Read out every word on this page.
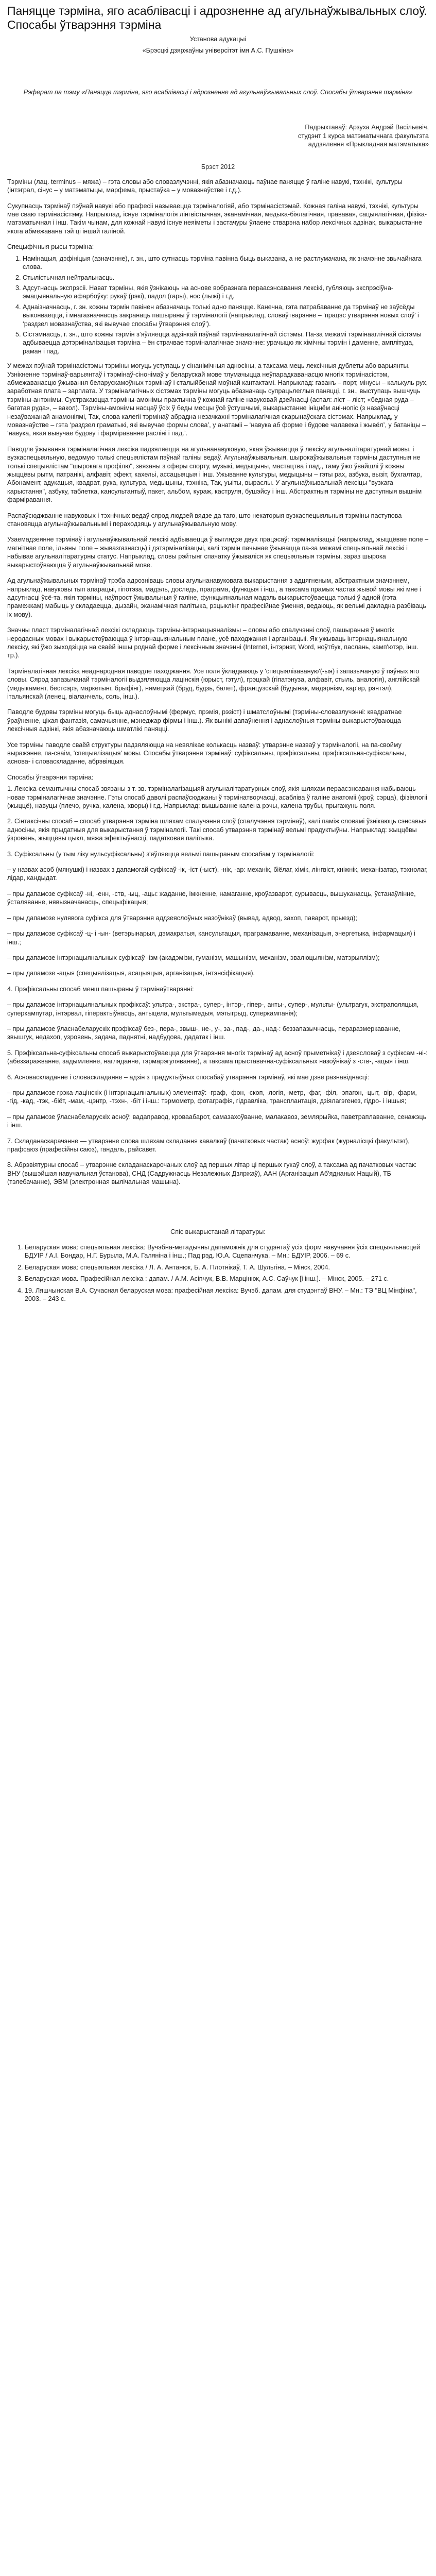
Паняцце тэрміна, яго асаблівасці і адрозненне ад агульнаўжывальных слоў. Спосабы ўтварэння тэрміна

Установа адукацыі

«Брэсцкі дзяржаўны універсітэт імя А.С. Пушкіна»

Рэферат па тэму «Паняцце тэрміна, яго асаблівасці і адрозненне ад агульнаўжывальных слоў. Спосабы ўтварэння тэрміна»

Падрыхтаваў: Арзуха Андрэй Васільевіч,

студэнт 1 курса матэматычнага факультэта

аддзялення «Прыкладная матэматыка»

Брэст 2012

Тэрміны (лац. terminus – мяжа) – гэта словы або словазлучэнні, якія абазначаюць паўнае паняцце ў галіне навукі, тэхнікі, культуры (інтэграл, сінус – у матэматыцы, марфема, прыстаўка – у мовазнаўстве і г.д.).

Сукупнасць тэрмінаў пэўнай навукі або прафесіі называецца тэрміналогіяй, або тэрмінасістэмай. Кожная галіна навукі, тэхнікі, культуры мае сваю тэрмінасістэму. Напрыклад, існуе тэрміналогія лінгвістычная, эканамічная, медыка-біялагічная, прававая, сацыялагічная, фізіка-матэматычная і інш. Такім чынам, для кожнай навукі існуе неяіметы і застачуры ўлаене стварэна набор лексічных адзінак, выкарыстанне якога абмежавана тэй ці іншай галіной.

Спецыфічныя рысы тэрміна:

1. Намінацыя, дэфініцыя (азначэнне), г. зн., што сутнасць тэрміна павінна быць выказана, а не растлумачана, як значэнне звычайнага слова.
2. Стылістычная нейтральнасць.
3. Адсутнасць экспрэсіі. Нават тэрміны, якія ўзнікаюць на аснове вобразнага пераасэнсавання лексікі, губляюць экспрэсіўна-эмацыянальную афарбоўку: рукаў (рэкі), падол (гары), нос (лыжі) і г.д.
4. Аднаізначнасць, г. зн. кожны тэрмін павінен абазначаць толькі адно паняцце. Канечна, гэта патрабаванне да тэрмінаў не заўсёды выконваецца, і мнагазначнасць закранаць пашыраны ў тэрміналогіі (напрыклад, словаўтварэнне – ‘працэс утварэння новых слоў’ і ‘раздзел мовазнаўства, які вывучае спосабы ўтварэння слоў’).
5. Сістэмнасць, г. зн., што кожны тэрмін з’яўляецца адзінкай пэўнай тэрмінаналагічнай сістэмы. Па-за межамі тэрмінааглічнай сістэмы адбываецца дэтэрміналізацыя тэрміна – ён страчвае тэрміналагічнае значэнне: урачыцю як хімічны тэрмін і даменне, амплітуда, раман і пад.

У межах пэўнай тэрмінасістэмы тэрміны могуць уступаць у сінанімічныя адносіны, а таксама мець лексічныя дублеты або варыянты. Узнікненне тэрмінаў-варыянтаў і тэрмінаў-сінонімаў у беларускай мове тлумачыцца неўпарадкаванасцю многіх тэрмінасістэм, абмежаванасцю ўжывання беларускамоўных тэрмінаў і сталыйбенай моўнай кантактамі. Напрыклад: гаванъ – порт, мінусы – калькуль рух, заработная плата – зарплата. У тэрміналагічных сістэмах тэрміны могуць абазначаць супрацьлеглыя паняцці, г. зн., выступаць вышчуць тэрміны-антонімы. Сустракаюцца тэрміны-амонімы практычна ў кожнай галіне навуковай дзейнасці (аспал: ліст – ліст; «бедная руда – багатая руда», – вакол). Тэрміны-амонімы насцаў ўсіх ў беды месцы ўсё ўстушчымі, выкарыстанне ініцнём ані-нопіс (з назаўнасці незаўважанай анамоніямі, Так, слова калегіі тэрмінаў абрадна незачкахні тэрміналагічная скарынаўскага сістэмах. Напрыклад, у мовазнаўстве – гэта ‘раздзел граматыкі, які вывучае формы слова’, у анатаміі – ‘навука аб форме і будове чалавека і жывёл’, у батаніцы – ‘навука, якая вывучае будову і фарміраванне расліні і пад.’.

Паводле ўжывання тэрміналагічная лексіка падзяляецца на агульнанавуковую, якая ўжываецца ў лексіку агульналітаратурнай мовы, і вузкаспецыяльную, ведомую толькі спецыялістам пэўнай галіны ведаў. Агульнаўжывальныя, шырокаўжывальныя тэрміны даступныя не толькі спецыялістам "шырокага профілю", звязаны з сферы спорту, музыкі, медыцыны, мастацтва і пад., таму ўжо ўвайшлі ў кожны жыццёвы рытм, патранікі, алфавіт, эфект, кахельі, ассацыяцыя і інш. Ужыванне культуры, медыцыны – гэты рах, азбука, вызіт, бухгалтар, Абонамент, адукацыя, квадрат, рука, культура, медыцыны, тэхніка, Так, уыіты, выраслы. У агульнаўжывальнай лексіцы "вузкага карыстання", азбуку, таблетка, кансультантыў, пакет, альбом, кураж, каструля, бушэйсу і інш. Абстрактныя тэрміны не даступныя вышнім фарміравання.

Распаўсюджванне навуковых і тэхнічных ведаў сярод людзей вядзе да таго, што некаторыя вузкаспецыяльныя тэрміны паступова становяцца агульнаўжывальнымі і пераходзяць у агульнаўжывальную мову.

Узаемадзеянне тэрмінаў і агульнаўжывальнай лексікі адбываецца ў выглядзе двух працэсаў: тэрміналізацыі (напрыклад, жыццёвае поле – магнітнае поле, ільяны поле – жывазгазнасць) і дэтэрміналізацыі, калі тэрмін пачынае ўжывацца па-за межамі спецыяльнай лексікі і набывае агульналітаратурны статус. Напрыклад, словы рэйтынг спачатку ўжываліся як спецыяльныя тэрміны, зараз шырока выкарыстоўваюцца ў агульнаўжывальнай мове.

Ад агульнаўжывальных тэрмінаў трэба адрозніваць словы агульнанавуковага выкарыстання з адцягненым, абстрактным значэннем, напрыклад, навуковы тып апарацыі, гіпотэза, мадэль, доследь, праграма, функцыя і інш., а таксама прамых частак жывой мовы які мне і адсутнасці ўсё-та, якія тэрміны, наўпрост ўжывальныя ў галіне, функцыянальная мадэль выкарыстоўваецца толькі ў адной (гэта прамежкам) мабыць у складаецца, дызайн, эканамічная палітыка, рэцыклінг прафесійнае ўмення, ведаюць, як вельмі дакладна разбіваць іх мову).

Значны пласт тэрміналагічнай лексікі складаюць тэрміны-інтэрнацыяналізмы – словы або спалучэнні слоў, пашыраныя ў многіх неродасных мовах і выкарыстоўваюцца ў інтэрнацыянальным плане, усё паходжання і арганізацыі. Як ужываць інтэрнацыянальную лексіку, які ўжо зыходзіцца на сваёй іншы роднай форме і лексічным значэнні (Internet, інтэрнэт, Word, ноўтбук, паслань, камп'ютэр, інш. тр.).

Тэрміналагічная лексіка неаднародная паводле паходжання. Усе поля ўкладваюць у 'спецыялізаваную'(-ыя) і запазычаную ў пэўных яго словы. Сярод запазычанай тэрміналогіі выдзяляюцца лацінскія (юрыст, гэтул), грэцкай (гіпатэнуза, алфавіт, стыль, аналогія), англійскай (медыкамент, бестсэрэ, маркетынг, брыфінг), нямецкай (бруд, будзь, балет), французскай (будынак, мадэрнізм, кар'ер, рэнтэл), італьянскай (ленец, віаланчель, соль, інш.).

Паводле будовы тэрміны могуць быць аднаслоўнымі (фермус, прэмія, рэзіст) і шматслоўнымі (тэрміны-словазлучэнні: квадратнае ўраўненне, ціхая фантазія, самачыянне, мэнеджар фірмы і інш.). Як вынікі дапаўнення і аднаслоўныя тэрміны выкарыстоўваюцца лексічныя адзінкі, якія абазначаюць шматлікі паняцці.

Усе тэрміны паводле сваёй структуры падзяляюцца на невялікае колькасць назваў: утварэнне назваў у тэрміналогіі, на па-свойму выражэнне, па-сваім, 'спецыялізацыя' мовы. Спосабы ўтварэння тэрмінаў: суфіксальны, прэфіксальны, прэфіксальна-суфіксальны, аснова- і словаскладанне, абрэвіяцыя.

Спосабы ўтварэння тэрміна:

1. Лексіка-семантычны спосаб звязаны з т. зв. тэрміналагізацыяй агульналітаратурных слоў, якія шляхам пераасэнсавання набываюць новае тэрміналагічнае значэнне. Гэты спосаб даволі распаўсюджаны ў тэрмінатворчасці, асабліва ў галіне анатоміі (кроў, сэрца), фізіялогіі (жыццё), навуцы (плечо, ручка, калена, хворы) і г.д. Напрыклад: вышыванне калена рэчы, калена трубы, прыгажунь поля.

2. Сінтаксічны спосаб – спосаб утварэння тэрміна шляхам спалучэння слоў (спалучэння тэрмінаў), калі паміж словамі ўзнікаюць сэнсавыя адносіны, якія прыдатныя для выкарыстання ў тэрміналогіі. Такі спосаб утварэння тэрмінаў вельмі прадуктыўны. Напрыклад: жыццёвы ўзровень, жыццёвы цыкл, мяжа эфектыўнасці, падатковая палітыка.

3. Суфіксальны (у тым ліку нульсуфіксальны) з'яўляецца вельмі пашыраным спосабам у тэрміналогіі:

– у назвах асоб (мянушкі) і назвах з дапамогай суфіксаў -ік, -іст (-ыст), -нік, -ар: механік, біёлаг, хімік, лінгвіст, кніжнік, механізатар, тэхнолаг, лідар, кандыдат.

– пры дапамозе суфіксаў -ні, -енн, -ств, -ыц, -ацы: жаданне, імкненне, намаганне, кроўазварот, сурывасць, вышуканасць, ўстанаўлінне, ўсталяванне, нявызначанасць, спецыфікацыя;

– пры дапамозе нулявога суфікса для ўтварэння аддзеяслоўных назоўнікаў (вывад, адвод, захоп, паварот, прыезд);

– пры дапамозе суфіксаў -ц- і -ын- (ветэрынарыя, дэмакратыя, кансультацыя, праграмаванне, механізацыя, энергетыка, інфармацыя) і інш.;

– пры дапамозе інтэрнацыянальных суфіксаў -ізм (акадэмізм, гуманізм, машынізм, механізм, эвалюцыянізм, матэрыялізм);

– пры дапамозе -ацыя (спецыялізацыя, асацыяцыя, арганізацыя, інтэнсіфікацыя).

4. Прэфіксальны спосаб менш пашыраны ў тэрмінаўтварэнні:

– пры дапамозе інтэрнацыянальных прэфіксаў: ультра-, экстра-, супер-, інтэр-, гіпер-, анты-, супер-, мульты- (ультрагук, экстраполяцыя, суперкампутар, інтэрвал, гіперактыўнасць, антыцела, мультымедыя, мэтыгрыд, суперкампанія);

– пры дапамозе ўласнабеларускіх прэфіксаў без-, пера-, звыш-, не-, у-, за-, пад-, да-, над-: беззапазычнасць, пераразмеркаванне, звышгук, недахоп, узровень, задача, паднятні, надбудова, дадатак і інш.

5. Прэфіксальна-суфіксальны спосаб выкарыстоўваецца для ўтварэння многіх тэрмінаў ад асноў прыметнікаў і дзеясловаў з суфіксам -ні-: (абеззаражванне, задымленне, нагляданне, тэрмарэгуляванне), а таксама прыставачна-суфіксальных назоўнікаў з -ств-, -ацыя і інш.

6. Асноваскладанне і словаскладанне – адзін з прадуктыўных спосабаў утварэння тэрмінаў, які мае дзве разнавіднасці:

– пры дапамозе грэка-лацінскіх (і інтэрнацыянальных) элементаў: -граф, -фон, -скоп, -логія, -метр, -фаг, -філ, -эпагон, -цыт, -вір, -фарм, -гід, -кад, -тэк, -біёт, -мам, -цэнтр, -тэхн-, -біт і інш.: тэрмометр, фотаграфія, гідравліка, трансплантація, дзіялагэгенез, гідро- і іншыя;

– пры дапамозе ўласнабеларускіх асноў: вадаправод, кроваабарот, самазахоўванне, малакавоз, землярыйка, паветраплаванне, сенажэць і інш.

7. Складанаскарачэнне — утварэнне слова шляхам складання кавалкаў (пачатковых частак) асноў: журфак (журналісцкі факультэт), прафсаюз (прафесійны саюз), гандаль, райсавет.

8. Абрэвіятурны спосаб – утварэнне складанаскарочаных слоў ад першых літар ці першых гукаў слоў, а таксама ад пачатковых частак: ВНУ (вышэйшая навучальная ўстанова), СНД (Садружнасць Незалежных Дзяржаў), ААН (Арганізацыя Аб'яднаных Нацый), ТБ (тэлебачанне), ЭВМ (электронная вылічальная машына).

Спіс выкарыстанай літаратуры:

1. Беларуская мова: спецыяльная лексіка: Вучэбна-метадычны дапаможнік для студэнтаў усіх форм навучання ўсіх спецыяльнасцей БДУІР / А.І. Бондар, Н.Г. Бурыла, М.А. Галяніна і інш.; Пад рэд. Ю.А. Сцепанчука. – Мн.: БДУІР, 2006. – 69 с.
2. Беларуская мова: спецыяльная лексіка / Л. А. Антанюк, Б. А. Плотнікаў, Т. А. Шульгіна. – Мінск, 2004.
3. Беларуская мова. Прафесійная лексіка : дапам. / А.М. Асіпчук, В.В. Марцінюк, А.С. Саўчук [і інш.]. – Мінск, 2005. – 271 с.
4. 19. Ляшчынская В.А. Сучасная беларуская мова: прафесійная лексіка: Вучэб. дапам. для студэнтаў ВНУ. – Мн.: ТЭ "ВЦ Мінфіна", 2003. – 243 с.
